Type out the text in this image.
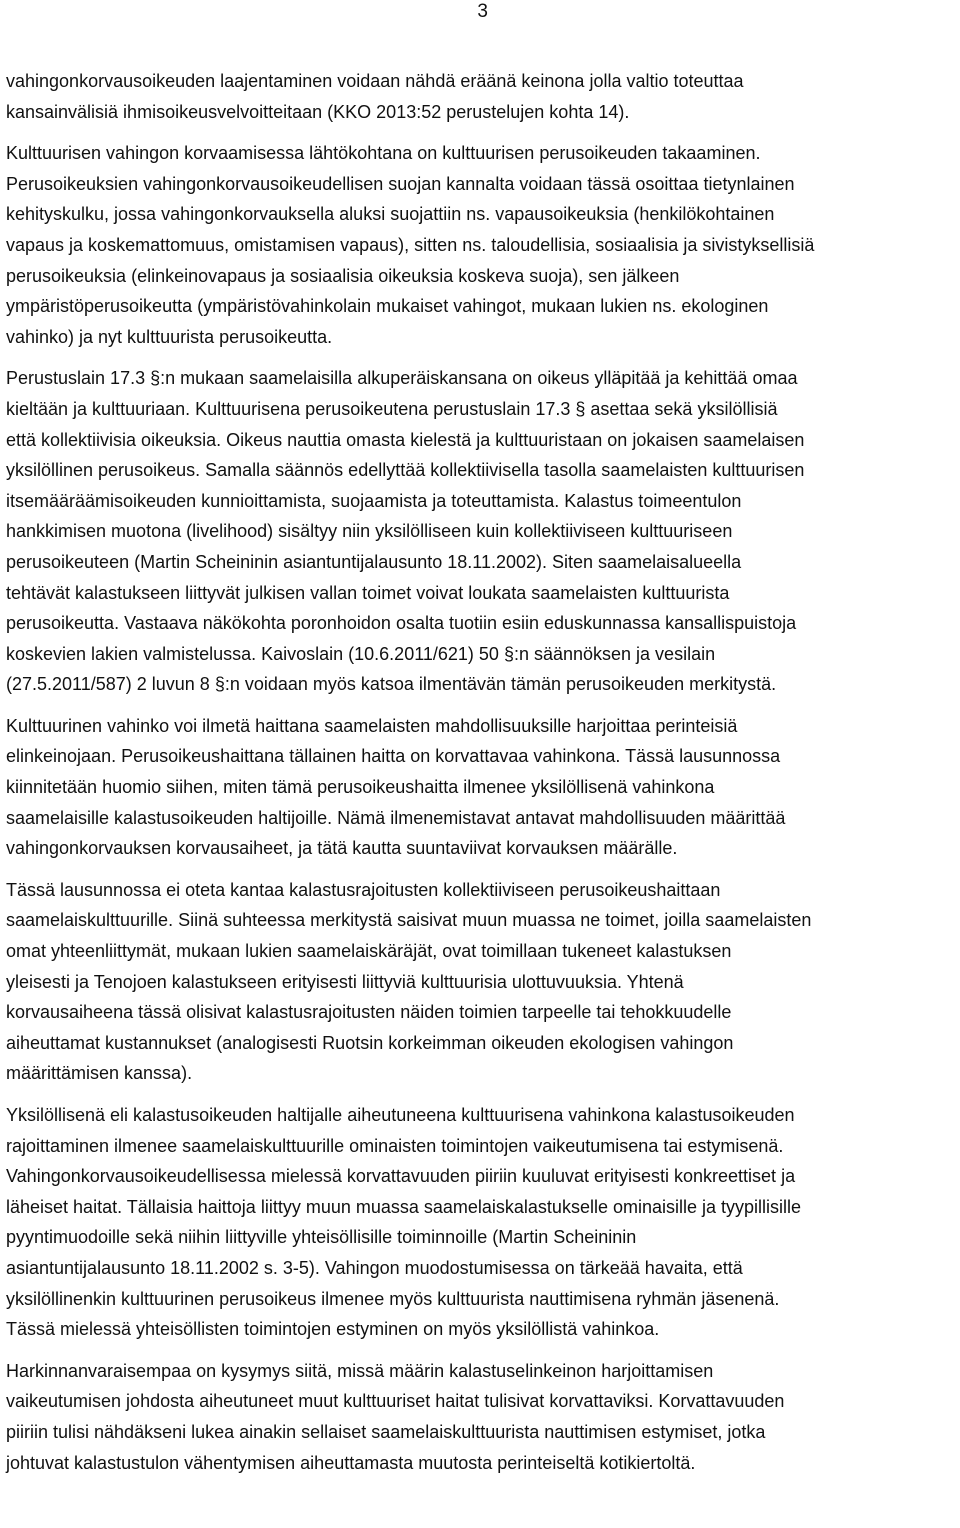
3
vahingonkorvausoikeuden laajentaminen voidaan nähdä eräänä keinona jolla valtio toteuttaa
kansainvälisiä ihmisoikeusvelvoitteitaan (KKO 2013:52 perustelujen kohta 14).
Kulttuurisen vahingon korvaamisessa lähtökohtana on kulttuurisen perusoikeuden takaaminen.
Perusoikeuksien vahingonkorvausoikeudellisen suojan kannalta voidaan tässä osoittaa tietynlainen
kehityskulku, jossa vahingonkorvauksella aluksi suojattiin ns. vapausoikeuksia (henkilökohtainen
vapaus ja koskemattomuus, omistamisen vapaus), sitten ns. taloudellisia, sosiaalisia ja sivistyksellisiä
perusoikeuksia (elinkeinovapaus ja sosiaalisia oikeuksia koskeva suoja), sen jälkeen
ympäristöperusoikeutta (ympäristövahinkolain mukaiset vahingot, mukaan lukien ns. ekologinen
vahinko) ja nyt kulttuurista perusoikeutta.
Perustuslain 17.3 §:n mukaan saamelaisilla alkuperäiskansana on oikeus ylläpitää ja kehittää omaa
kieltään ja kulttuuriaan. Kulttuurisena perusoikeutena perustuslain 17.3 § asettaa sekä yksilöllisiä
että kollektiivisia oikeuksia. Oikeus nauttia omasta kielestä ja kulttuuristaan on jokaisen saamelaisen
yksilöllinen perusoikeus. Samalla säännös edellyttää kollektiivisella tasolla saamelaisten kulttuurisen
itsemääräämisoikeuden kunnioittamista, suojaamista ja toteuttamista. Kalastus toimeentulon
hankkimisen muotona (livelihood) sisältyy niin yksilölliseen kuin kollektiiviseen kulttuuriseen
perusoikeuteen (Martin Scheininin asiantuntijalausunto 18.11.2002). Siten saamelaisalueella
tehtävät kalastukseen liittyvät julkisen vallan toimet voivat loukata saamelaisten kulttuurista
perusoikeutta. Vastaava näkökohta poronhoidon osalta tuotiin esiin eduskunnassa kansallispuistoja
koskevien lakien valmistelussa. Kaivoslain (10.6.2011/621) 50 §:n säännöksen ja vesilain
(27.5.2011/587) 2 luvun 8 §:n voidaan myös katsoa ilmentävän tämän perusoikeuden merkitystä.
Kulttuurinen vahinko voi ilmetä haittana saamelaisten mahdollisuuksille harjoittaa perinteisiä
elinkeinojaan. Perusoikeushaittana tällainen haitta on korvattavaa vahinkona. Tässä lausunnossa
kiinnitetään huomio siihen, miten tämä perusoikeushaitta ilmenee yksilöllisenä vahinkona
saamelaisille kalastusoikeuden haltijoille. Nämä ilmenemistavat antavat mahdollisuuden määrittää
vahingonkorvauksen korvausaiheet, ja tätä kautta suuntaviivat korvauksen määrälle.
Tässä lausunnossa ei oteta kantaa kalastusrajoitusten kollektiiviseen perusoikeushaittaan
saamelaiskulttuurille. Siinä suhteessa merkitystä saisivat muun muassa ne toimet, joilla saamelaisten
omat yhteenliittymät, mukaan lukien saamelaiskäräjät, ovat toimillaan tukeneet kalastuksen
yleisesti ja Tenojoen kalastukseen erityisesti liittyviä kulttuurisia ulottuvuuksia. Yhtenä
korvausaiheena tässä olisivat kalastusrajoitusten näiden toimien tarpeelle tai tehokkuudelle
aiheuttamat kustannukset (analogisesti Ruotsin korkeimman oikeuden ekologisen vahingon
määrittämisen kanssa).
Yksilöllisenä eli kalastusoikeuden haltijalle aiheutuneena kulttuurisena vahinkona kalastusoikeuden
rajoittaminen ilmenee saamelaiskulttuurille ominaisten toimintojen vaikeutumisena tai estymisenä.
Vahingonkorvausoikeudellisessa mielessä korvattavuuden piiriin kuuluvat erityisesti konkreettiset ja
läheiset haitat. Tällaisia haittoja liittyy muun muassa saamelaiskalastukselle ominaisille ja tyypillisille
pyyntimuodoille sekä niihin liittyville yhteisöllisille toiminnoille (Martin Scheininin
asiantuntijalausunto 18.11.2002 s. 3-5). Vahingon muodostumisessa on tärkeää havaita, että
yksilöllinenkin kulttuurinen perusoikeus ilmenee myös kulttuurista nauttimisena ryhmän jäsenenä.
Tässä mielessä yhteisöllisten toimintojen estyminen on myös yksilöllistä vahinkoa.
Harkinnanvaraisempaa on kysymys siitä, missä määrin kalastuselinkeinon harjoittamisen
vaikeutumisen johdosta aiheutuneet muut kulttuuriset haitat tulisivat korvattaviksi. Korvattavuuden
piiriin tulisi nähdäkseni lukea ainakin sellaiset saamelaiskulttuurista nauttimisen estymiset, jotka
johtuvat kalastustulon vähentymisen aiheuttamasta muutosta perinteiseltä kotikiertoltä.
